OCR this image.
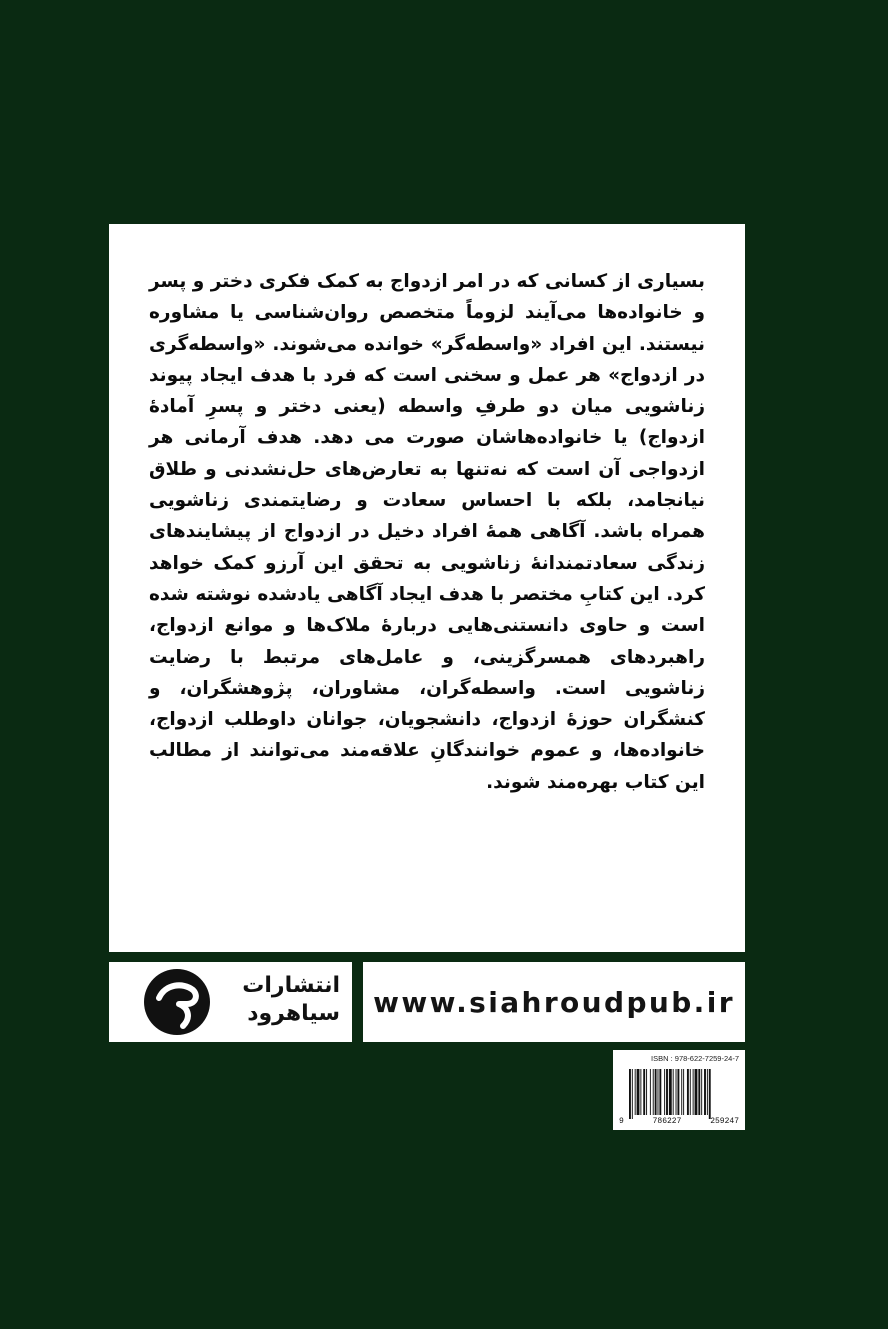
بسیاری از کسانی که در امر ازدواج به کمک فکری دختر و پسر و خانواده‌ها می‌آیند لزوماً متخصص روان‌شناسی یا مشاوره نیستند. این افراد «واسطه‌گر» خوانده می‌شوند. «واسطه‌گری در ازدواج» هر عمل و سخنی است که فرد با هدف ایجاد پیوند زناشویی میان دو طرفِ واسطه (یعنی دختر و پسرِ آمادهٔ ازدواج) یا خانواده‌هاشان صورت می دهد. هدف آرمانی هر ازدواجی آن است که نه‌تنها به تعارض‌های حل‌نشدنی و طلاق نیانجامد، بلکه با احساس سعادت و رضایتمندی زناشویی همراه باشد. آگاهی همهٔ افراد دخیل در ازدواج از پیشایندهای زندگی سعادتمندانهٔ زناشویی به تحقق این آرزو کمک خواهد کرد. این کتابِ مختصر با هدف ایجاد آگاهی یادشده نوشته شده است و حاوی دانستنی‌هایی دربارهٔ ملاک‌ها و موانع ازدواج، راهبردهای همسرگزینی، و عامل‌های مرتبط با رضایت زناشویی است. واسطه‌گران، مشاوران، پژوهشگران، و کنشگران حوزهٔ ازدواج، دانشجویان، جوانان داوطلب ازدواج، خانواده‌ها، و عموم خوانندگانِ علاقه‌مند می‌توانند از مطالب این کتاب بهره‌مند شوند.

انتشارات
سیاهرود www.siahroudpub.ir
ISBN : 978-622-7259-24-7
9	786227	259247
